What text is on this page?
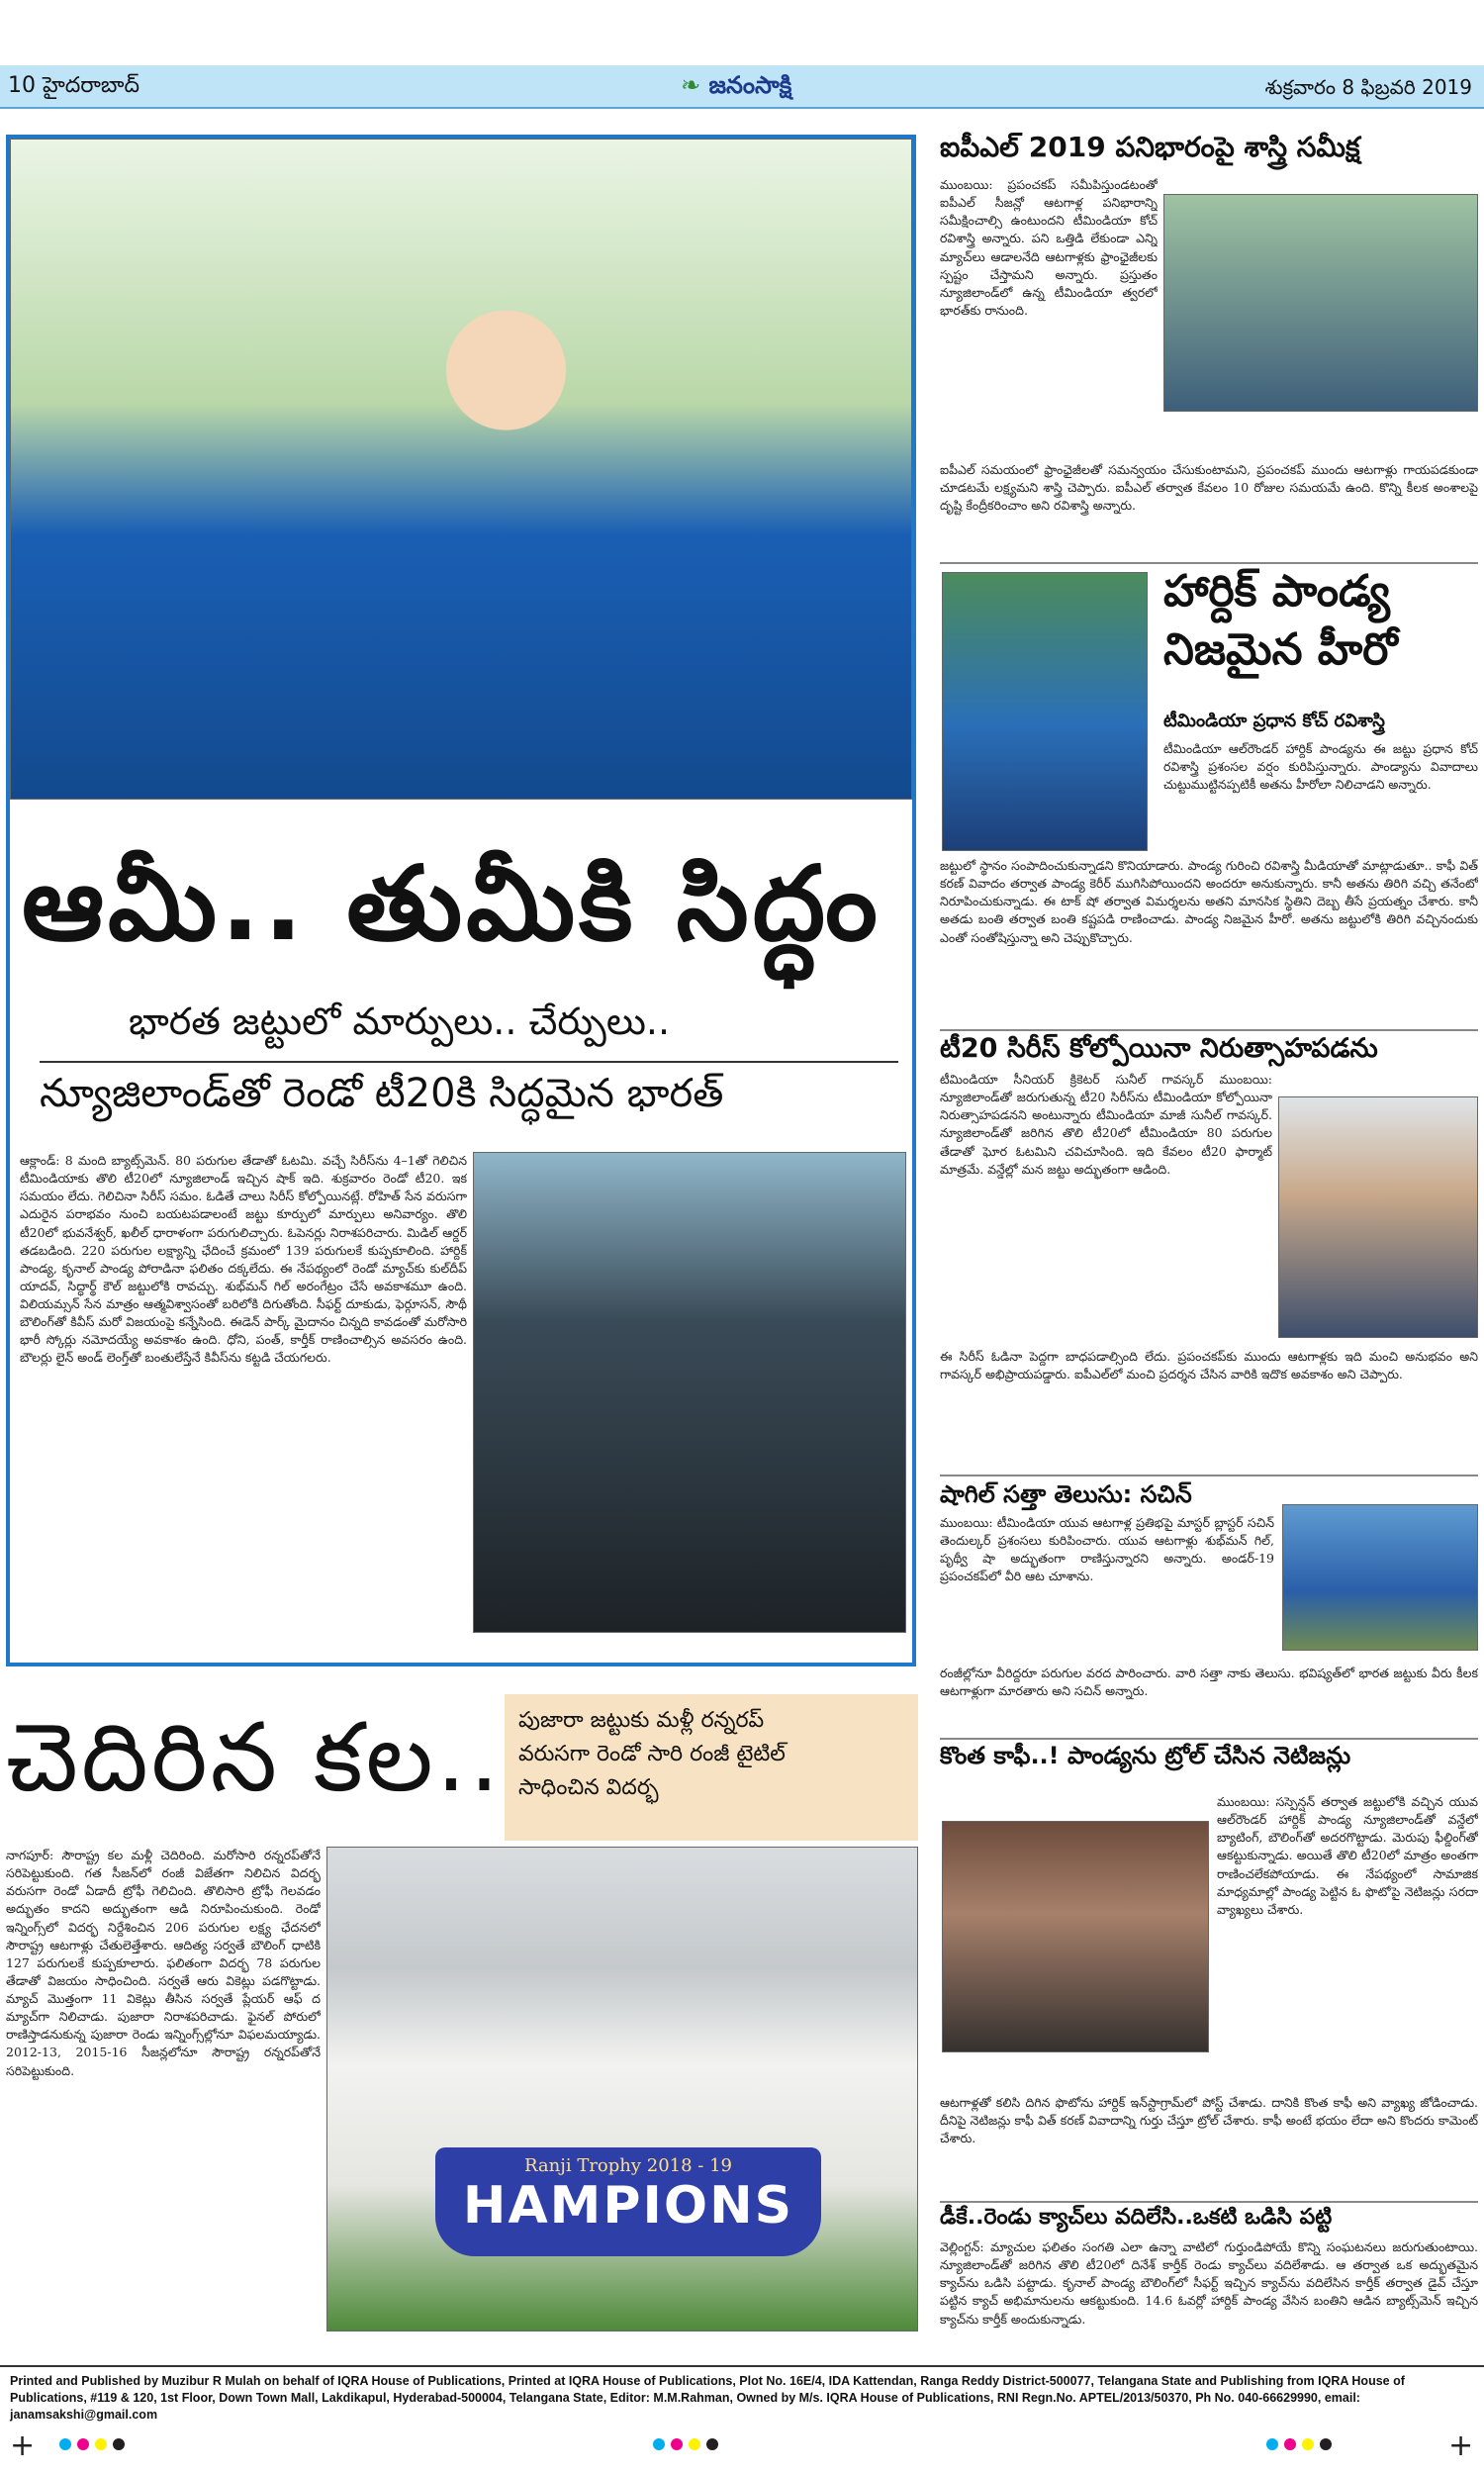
10 హైదరాబాద్	❧ జనంసాక్షి	శుక్రవారం 8 ఫిబ్రవరి 2019
ఆమీ.. తుమీకి సిద్ధం
భారత జట్టులో మార్పులు.. చేర్పులు..
న్యూజిలాండ్‌తో రెండో టీ20కి సిద్ధమైన భారత్
ఆక్లాండ్‌: 8 మంది బ్యాట్స్‌మెన్‌. 80 పరుగుల తేడాతో ఓటమి. వచ్చే సిరీస్‌ను 4–1తో గెలిచిన టీమిండియాకు తొలి టీ20లో న్యూజిలాండ్‌ ఇచ్చిన షాక్‌ ఇది. శుక్రవారం రెండో టీ20. ఇక సమయం లేదు. గెలిచినా సిరీస్‌ సమం. ఓడితే చాలు సిరీస్‌ కోల్పోయినట్లే. రోహిత్‌ సేన వరుసగా ఎదురైన పరాభవం నుంచి బయటపడాలంటే జట్టు కూర్పులో మార్పులు అనివార్యం. తొలి టీ20లో భువనేశ్వర్‌, ఖలీల్‌ ధారాళంగా పరుగులిచ్చారు. ఓపెనర్లు నిరాశపరిచారు. మిడిల్‌ ఆర్డర్‌ తడబడింది. 220 పరుగుల లక్ష్యాన్ని ఛేదించే క్రమంలో 139 పరుగులకే కుప్పకూలింది. హార్దిక్‌ పాండ్య, కృనాల్‌ పాండ్య పోరాడినా ఫలితం దక్కలేదు. ఈ నేపథ్యంలో రెండో మ్యాచ్‌కు కుల్‌దీప్‌ యాదవ్‌, సిద్ధార్థ్‌ కౌల్‌ జట్టులోకి రావచ్చు. శుభ్‌మన్‌ గిల్‌ అరంగేట్రం చేసే అవకాశమూ ఉంది. విలియమ్సన్‌ సేన మాత్రం ఆత్మవిశ్వాసంతో బరిలోకి దిగుతోంది. సీఫర్ట్‌ దూకుడు, ఫెర్గూసన్‌, సౌథీ బౌలింగ్‌తో కివీస్‌ మరో విజయంపై కన్నేసింది. ఈడెన్‌ పార్క్‌ మైదానం చిన్నది కావడంతో మరోసారి భారీ స్కోర్లు నమోదయ్యే అవకాశం ఉంది. ధోని, పంత్‌, కార్తీక్‌ రాణించాల్సిన అవసరం ఉంది. బౌలర్లు లైన్‌ అండ్‌ లెంగ్త్‌తో బంతులేస్తేనే కివీస్‌ను కట్టడి చేయగలరు.
ఐపీఎల్‌ 2019 పనిభారంపై శాస్త్రి సమీక్ష
ముంబయి: ప్రపంచకప్‌ సమీపిస్తుండటంతో ఐపీఎల్‌ సీజన్లో ఆటగాళ్ల పనిభారాన్ని సమీక్షించాల్సి ఉంటుందని టీమిండియా కోచ్‌ రవిశాస్త్రి అన్నారు. పని ఒత్తిడి లేకుండా ఎన్ని మ్యాచ్‌లు ఆడాలనేది ఆటగాళ్లకు ఫ్రాంఛైజీలకు స్పష్టం చేస్తామని అన్నారు. ప్రస్తుతం న్యూజిలాండ్‌లో ఉన్న టీమిండియా త్వరలో భారత్‌కు రానుంది.
ఐపీఎల్‌ సమయంలో ఫ్రాంఛైజీలతో సమన్వయం చేసుకుంటామని, ప్రపంచకప్‌ ముందు ఆటగాళ్లు గాయపడకుండా చూడటమే లక్ష్యమని శాస్త్రి చెప్పారు. ఐపీఎల్‌ తర్వాత కేవలం 10 రోజుల సమయమే ఉంది. కొన్ని కీలక అంశాలపై దృష్టి కేంద్రీకరించాం అని రవిశాస్త్రి అన్నారు.
హార్దిక్‌ పాండ్య
నిజమైన హీరో
టీమిండియా ప్రధాన కోచ్‌ రవిశాస్త్రి
టీమిండియా ఆల్‌రౌండర్‌ హార్దిక్‌ పాండ్యను ఈ జట్టు ప్రధాన కోచ్‌ రవిశాస్త్రి ప్రశంసల వర్షం కురిపిస్తున్నారు. పాండ్యాను వివాదాలు చుట్టుముట్టినప్పటికీ అతను హీరోలా నిలిచాడని అన్నారు.
జట్టులో స్థానం సంపాదించుకున్నాడని కొనియాడారు. పాండ్య గురించి రవిశాస్త్రి మీడియాతో మాట్లాడుతూ.. కాఫీ విత్‌ కరణ్‌ వివాదం తర్వాత పాండ్య కెరీర్‌ ముగిసిపోయిందని అందరూ అనుకున్నారు. కానీ అతను తిరిగి వచ్చి తనేంటో నిరూపించుకున్నాడు. ఈ టాక్‌ షో తర్వాత విమర్శలను అతని మానసిక స్థితిని దెబ్బ తీసే ప్రయత్నం చేశారు. కానీ అతడు బంతి తర్వాత బంతి కష్టపడి రాణించాడు. పాండ్య నిజమైన హీరో. అతను జట్టులోకి తిరిగి వచ్చినందుకు ఎంతో సంతోషిస్తున్నా అని చెప్పుకొచ్చారు.
టీ20 సిరీస్‌ కోల్పోయినా నిరుత్సాహపడను
టీమిండియా సీనియర్‌ క్రికెటర్‌ సునీల్‌ గావస్కర్‌ ముంబయి: న్యూజిలాండ్‌తో జరుగుతున్న టీ20 సిరీస్‌ను టీమిండియా కోల్పోయినా నిరుత్సాహపడనని అంటున్నారు టీమిండియా మాజీ సునీల్‌ గావస్కర్‌. న్యూజిలాండ్‌తో జరిగిన తొలి టీ20లో టీమిండియా 80 పరుగుల తేడాతో ఘోర ఓటమిని చవిచూసింది. ఇది కేవలం టీ20 ఫార్మాట్‌ మాత్రమే. వన్డేల్లో మన జట్టు అద్భుతంగా ఆడింది.
ఈ సిరీస్‌ ఓడినా పెద్దగా బాధపడాల్సింది లేదు. ప్రపంచకప్‌కు ముందు ఆటగాళ్లకు ఇది మంచి అనుభవం అని గావస్కర్‌ అభిప్రాయపడ్డారు. ఐపీఎల్‌లో మంచి ప్రదర్శన చేసిన వారికి ఇదొక అవకాశం అని చెప్పారు.
షాగిల్‌ సత్తా తెలుసు: సచిన్‌
ముంబయి: టీమిండియా యువ ఆటగాళ్ల ప్రతిభపై మాస్టర్‌ బ్లాస్టర్‌ సచిన్‌ తెందుల్కర్‌ ప్రశంసలు కురిపించారు. యువ ఆటగాళ్లు శుభ్‌మన్‌ గిల్‌, పృథ్వీ షా అద్భుతంగా రాణిస్తున్నారని అన్నారు. అండర్‌-19 ప్రపంచకప్‌లో వీరి ఆట చూశాను.
రంజీల్లోనూ వీరిద్దరూ పరుగుల వరద పారించారు. వారి సత్తా నాకు తెలుసు. భవిష్యత్‌లో భారత జట్టుకు వీరు కీలక ఆటగాళ్లుగా మారతారు అని సచిన్‌ అన్నారు.
కొంత కాఫీ..! పాండ్యను ట్రోల్‌ చేసిన నెటిజన్లు
ముంబయి: సస్పెన్షన్‌ తర్వాత జట్టులోకి వచ్చిన యువ ఆల్‌రౌండర్‌ హార్దిక్‌ పాండ్య న్యూజిలాండ్‌తో వన్డేలో బ్యాటింగ్‌, బౌలింగ్‌తో అదరగొట్టాడు. మెరుపు ఫీల్డింగ్‌తో ఆకట్టుకున్నాడు. అయితే తొలి టీ20లో మాత్రం అంతగా రాణించలేకపోయాడు. ఈ నేపథ్యంలో సామాజిక మాధ్యమాల్లో పాండ్య పెట్టిన ఓ ఫొటోపై నెటిజన్లు సరదా వ్యాఖ్యలు చేశారు.
ఆటగాళ్లతో కలిసి దిగిన ఫొటోను హార్దిక్‌ ఇన్‌స్టాగ్రామ్‌లో పోస్ట్‌ చేశాడు. దానికి కొంత కాఫీ అని వ్యాఖ్య జోడించాడు. దీనిపై నెటిజన్లు కాఫీ విత్‌ కరణ్‌ వివాదాన్ని గుర్తు చేస్తూ ట్రోల్‌ చేశారు. కాఫీ అంటే భయం లేదా అని కొందరు కామెంట్‌ చేశారు.
డీకే..రెండు క్యాచ్‌లు వదిలేసి..ఒకటి ఒడిసి పట్టి
వెల్లింగ్టన్‌: మ్యాచుల ఫలితం సంగతి ఎలా ఉన్నా వాటిలో గుర్తుండిపోయే కొన్ని సంఘటనలు జరుగుతుంటాయి. న్యూజిలాండ్‌తో జరిగిన తొలి టీ20లో దినేశ్‌ కార్తీక్‌ రెండు క్యాచ్‌లు వదిలేశాడు. ఆ తర్వాత ఒక అద్భుతమైన క్యాచ్‌ను ఒడిసి పట్టాడు. కృనాల్‌ పాండ్య బౌలింగ్‌లో సీఫర్ట్‌ ఇచ్చిన క్యాచ్‌ను వదిలేసిన కార్తీక్‌ తర్వాత డైవ్‌ చేస్తూ పట్టిన క్యాచ్‌ అభిమానులను ఆకట్టుకుంది. 14.6 ఓవర్లో హార్దిక్‌ పాండ్య వేసిన బంతిని ఆడిన బ్యాట్స్‌మెన్‌ ఇచ్చిన క్యాచ్‌ను కార్తీక్‌ అందుకున్నాడు.
చెదిరిన కల.. పుజారా జట్టుకు మళ్లీ రన్నరప్‌
వరుసగా రెండో సారి రంజీ టైటిల్‌
సాధించిన విదర్భ
నాగపూర్‌: సౌరాష్ట్ర కల మళ్లీ చెదిరింది. మరోసారి రన్నరప్‌తోనే సరిపెట్టుకుంది. గత సీజన్‌లో రంజీ విజేతగా నిలిచిన విదర్భ వరుసగా రెండో ఏడాదీ ట్రోఫీ గెలిచింది. తొలిసారి ట్రోఫీ గెలవడం అద్భుతం కాదని అద్భుతంగా ఆడి నిరూపించుకుంది. రెండో ఇన్నింగ్స్‌లో విదర్భ నిర్దేశించిన 206 పరుగుల లక్ష్య ఛేదనలో సౌరాష్ట్ర ఆటగాళ్లు చేతులెత్తేశారు. ఆదిత్య సర్వతే బౌలింగ్‌ ధాటికి 127 పరుగులకే కుప్పకూలారు. ఫలితంగా విదర్భ 78 పరుగుల తేడాతో విజయం సాధించింది. సర్వతే ఆరు వికెట్లు పడగొట్టాడు. మ్యాచ్‌ మొత్తంగా 11 వికెట్లు తీసిన సర్వతే ప్లేయర్‌ ఆఫ్‌ ద మ్యాచ్‌గా నిలిచాడు. పుజారా నిరాశపరిచాడు. ఫైనల్‌ పోరులో రాణిస్తాడనుకున్న పుజారా రెండు ఇన్నింగ్స్‌ల్లోనూ విఫలమయ్యాడు. 2012-13, 2015-16 సీజన్లలోనూ సౌరాష్ట్ర రన్నరప్‌తోనే సరిపెట్టుకుంది.
Ranji Trophy 2018 - 19
HAMPIONS
Printed and Published by Muzibur R Mulah on behalf of IQRA House of Publications, Printed at IQRA House of Publications, Plot No. 16E/4, IDA Kattendan, Ranga Reddy District-500077, Telangana State and Publishing from IQRA House of Publications, #119 & 120, 1st Floor, Down Town Mall, Lakdikapul, Hyderabad-500004, Telangana State, Editor: M.M.Rahman, Owned by M/s. IQRA House of Publications, RNI Regn.No. APTEL/2013/50370, Ph No. 040-66629990, email: janamsakshi@gmail.com
+	+
